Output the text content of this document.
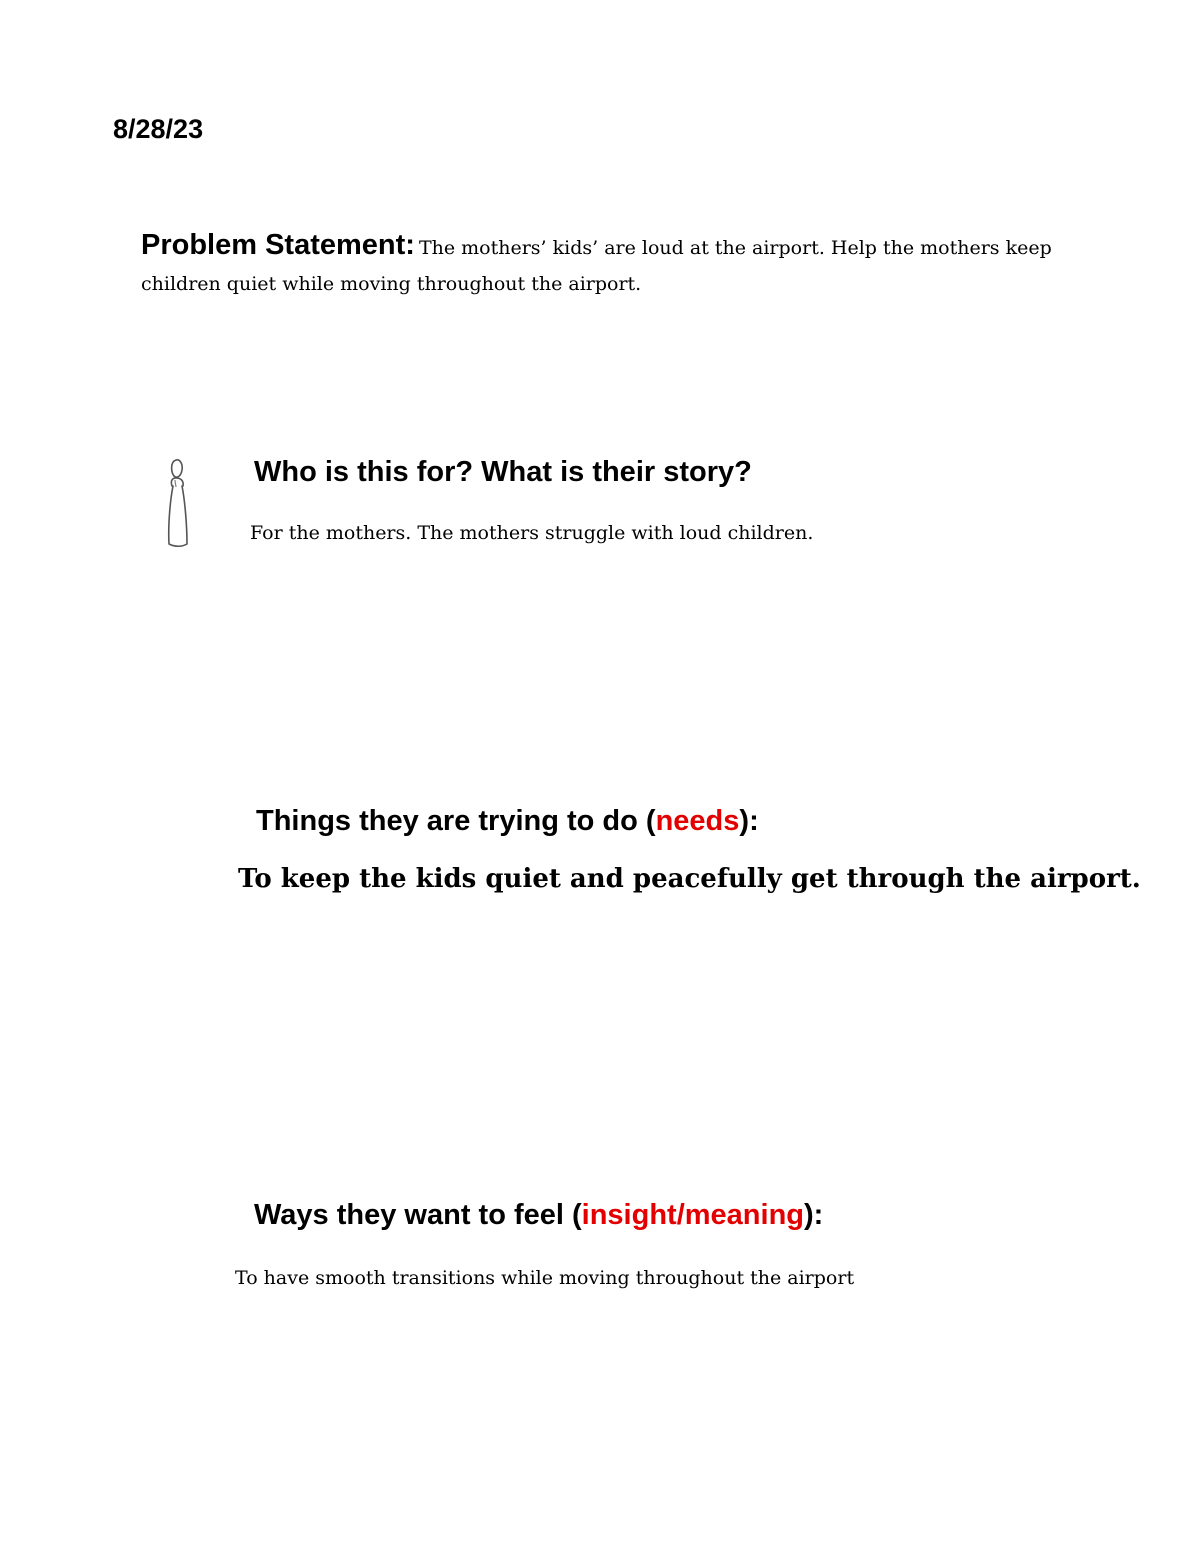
8/28/23
Problem Statement: The mothers’ kids’ are loud at the airport. Help the mothers keep children quiet while moving throughout the airport.
Who is this for? What is their story?
For the mothers. The mothers struggle with loud children.
Things they are trying to do (needs):
To keep the kids quiet and peacefully get through the airport.
Ways they want to feel (insight/meaning):
To have smooth transitions while moving throughout the airport
